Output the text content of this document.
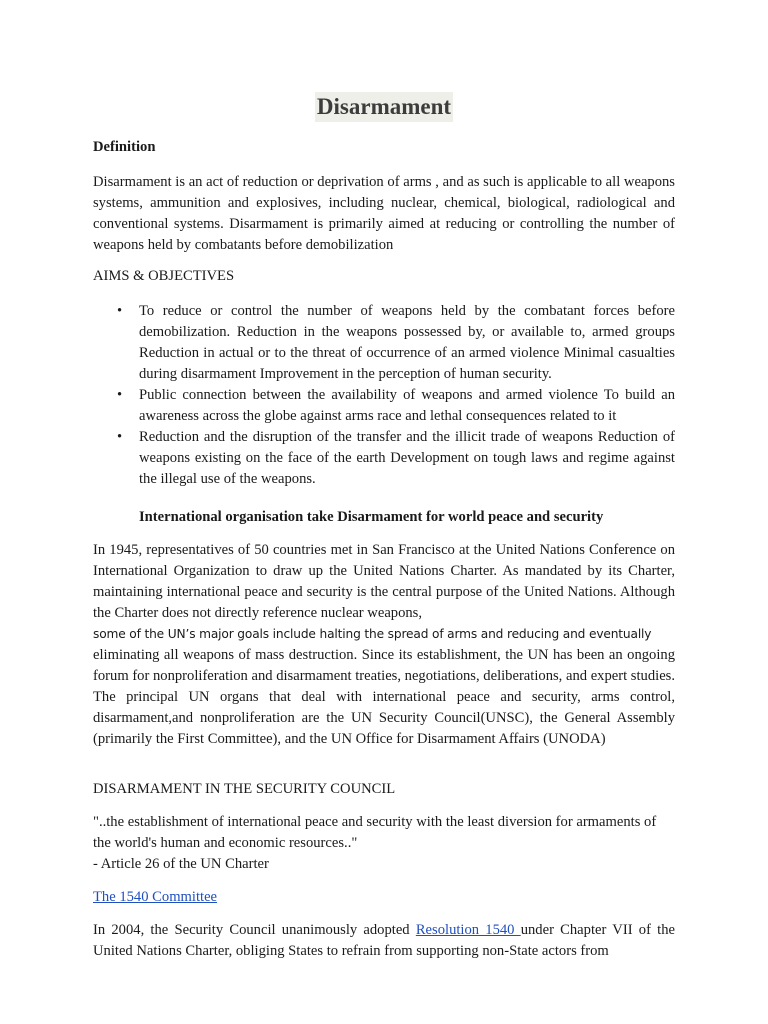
Disarmament
Definition

Disarmament is an act of reduction or deprivation of arms , and as such is applicable to all weapons systems, ammunition and explosives, including nuclear, chemical, biological, radiological and conventional systems. Disarmament is primarily aimed at reducing or controlling the number of weapons held by combatants before demobilization

AIMS & OBJECTIVES

• To reduce or control the number of weapons held by the combatant forces before demobilization. Reduction in the weapons possessed by, or available to, armed groups Reduction in actual or to the threat of occurrence of an armed violence Minimal casualties during disarmament Improvement in the perception of human security.
• Public connection between the availability of weapons and armed violence To build an awareness across the globe against arms race and lethal consequences related to it
• Reduction and the disruption of the transfer and the illicit trade of weapons Reduction of weapons existing on the face of the earth Development on tough laws and regime against the illegal use of the weapons.

International organisation take Disarmament for world peace and security

In 1945, representatives of 50 countries met in San Francisco at the United Nations Conference on International Organization to draw up the United Nations Charter. As mandated by its Charter, maintaining international peace and security is the central purpose of the United Nations. Although the Charter does not directly reference nuclear weapons,

some of the UN’s major goals include halting the spread of arms and reducing and eventually

eliminating all weapons of mass destruction. Since its establishment, the UN has been an ongoing forum for nonproliferation and disarmament treaties, negotiations, deliberations, and expert studies. The principal UN organs that deal with international peace and security, arms control, disarmament,and nonproliferation are the UN Security Council(UNSC), the General Assembly (primarily the First Committee), and the UN Office for Disarmament Affairs (UNODA)

DISARMAMENT IN THE SECURITY COUNCIL

"..the establishment of international peace and security with the least diversion for armaments of the world's human and economic resources.."

- Article 26 of the UN Charter

The 1540 Committee

In 2004, the Security Council unanimously adopted Resolution 1540 under Chapter VII of the United Nations Charter, obliging States to refrain from supporting non-State actors from
